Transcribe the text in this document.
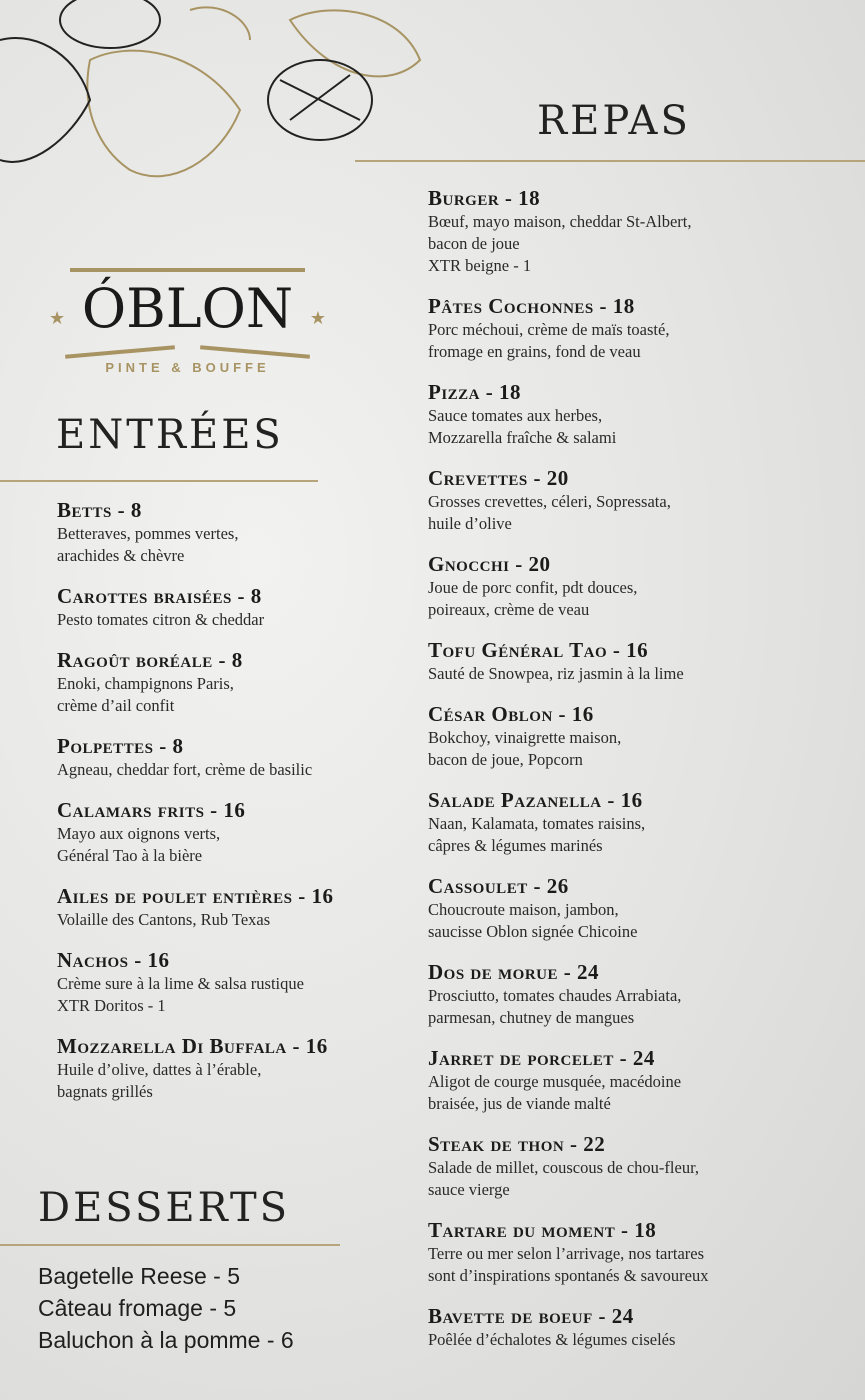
★ ÓBLON ★
PINTE & BOUFFE
ENTRÉES
Betts - 8
Betteraves, pommes vertes,
arachides & chèvre
Carottes braisées - 8
Pesto tomates citron & cheddar
Ragoût boréale - 8
Enoki, champignons Paris,
crème d’ail confit
Polpettes - 8
Agneau, cheddar fort, crème de basilic
Calamars frits - 16
Mayo aux oignons verts,
Général Tao à la bière
Ailes de poulet entières - 16
Volaille des Cantons, Rub Texas
Nachos - 16
Crème sure à la lime & salsa rustique
XTR Doritos - 1
Mozzarella Di Buffala - 16
Huile d’olive, dattes à l’érable,
bagnats grillés
DESSERTS
Bagetelle Reese - 5
Câteau fromage - 5
Baluchon à la pomme - 6
REPAS
Burger - 18
Bœuf, mayo maison, cheddar St-Albert,
bacon de joue
XTR beigne - 1
Pâtes Cochonnes - 18
Porc méchoui, crème de maïs toasté,
fromage en grains, fond de veau
Pizza - 18
Sauce tomates aux herbes,
Mozzarella fraîche & salami
Crevettes - 20
Grosses crevettes, céleri, Sopressata,
huile d’olive
Gnocchi - 20
Joue de porc confit, pdt douces,
poireaux, crème de veau
Tofu Général Tao - 16
Sauté de Snowpea, riz jasmin à la lime
César Oblon - 16
Bokchoy, vinaigrette maison,
bacon de joue, Popcorn
Salade Pazanella - 16
Naan, Kalamata, tomates raisins,
câpres & légumes marinés
Cassoulet - 26
Choucroute maison, jambon,
saucisse Oblon signée Chicoine
Dos de morue - 24
Prosciutto, tomates chaudes Arrabiata,
parmesan, chutney de mangues
Jarret de porcelet - 24
Aligot de courge musquée, macédoine
braisée, jus de viande malté
Steak de thon - 22
Salade de millet, couscous de chou-fleur,
sauce vierge
Tartare du moment - 18
Terre ou mer selon l’arrivage, nos tartares
sont d’inspirations spontanés & savoureux
Bavette de boeuf - 24
Poêlée d’échalotes & légumes ciselés
